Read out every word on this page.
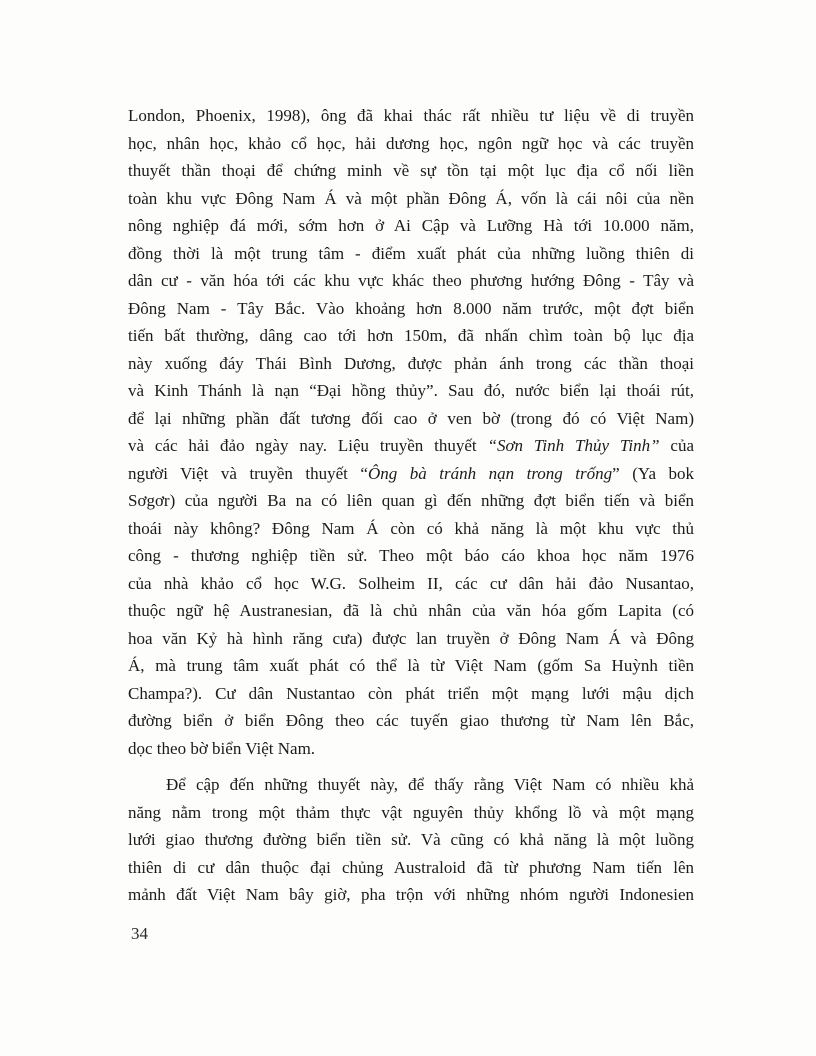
London, Phoenix, 1998), ông đã khai thác rất nhiều tư liệu về di truyền
học, nhân học, khảo cổ học, hải dương học, ngôn ngữ học và các truyền
thuyết thần thoại để chứng minh về sự tồn tại một lục địa cổ nối liền
toàn khu vực Đông Nam Á và một phần Đông Á, vốn là cái nôi của nền
nông nghiệp đá mới, sớm hơn ở Ai Cập và Lưỡng Hà tới 10.000 năm,
đồng thời là một trung tâm - điểm xuất phát của những luồng thiên di
dân cư - văn hóa tới các khu vực khác theo phương hướng Đông - Tây và
Đông Nam - Tây Bắc. Vào khoảng hơn 8.000 năm trước, một đợt biển
tiến bất thường, dâng cao tới hơn 150m, đã nhấn chìm toàn bộ lục địa
này xuống đáy Thái Bình Dương, được phản ánh trong các thần thoại
và Kinh Thánh là nạn “Đại hồng thủy”. Sau đó, nước biển lại thoái rút,
để lại những phần đất tương đối cao ở ven bờ (trong đó có Việt Nam)
và các hải đảo ngày nay. Liệu truyền thuyết “Sơn Tinh Thủy Tinh” của
người Việt và truyền thuyết “Ông bà tránh nạn trong trống” (Ya bok
Sơgơr) của người Ba na có liên quan gì đến những đợt biển tiến và biển
thoái này không? Đông Nam Á còn có khả năng là một khu vực thủ
công - thương nghiệp tiền sử. Theo một báo cáo khoa học năm 1976
của nhà khảo cổ học W.G. Solheim II, các cư dân hải đảo Nusantao,
thuộc ngữ hệ Austranesian, đã là chủ nhân của văn hóa gốm Lapita (có
hoa văn Kỷ hà hình răng cưa) được lan truyền ở Đông Nam Á và Đông
Á, mà trung tâm xuất phát có thể là từ Việt Nam (gốm Sa Huỳnh tiền
Champa?). Cư dân Nustantao còn phát triển một mạng lưới mậu dịch
đường biển ở biển Đông theo các tuyến giao thương từ Nam lên Bắc,
dọc theo bờ biển Việt Nam.
Để cập đến những thuyết này, để thấy rằng Việt Nam có nhiều khả
năng nằm trong một thảm thực vật nguyên thủy khổng lồ và một mạng
lưới giao thương đường biển tiền sử. Và cũng có khả năng là một luồng
thiên di cư dân thuộc đại chủng Australoid đã từ phương Nam tiến lên
mảnh đất Việt Nam bây giờ, pha trộn với những nhóm người Indonesien
34
